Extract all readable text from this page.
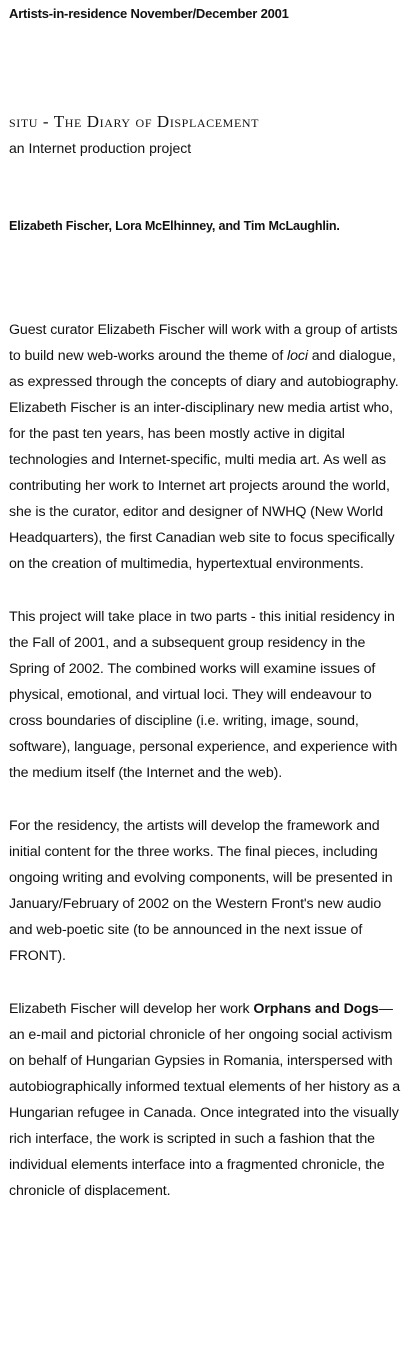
Artists-in-residence November/December 2001
situ - The Diary of Displacement
an Internet production project
Elizabeth Fischer, Lora McElhinney, and Tim McLaughlin.

Guest curator Elizabeth Fischer will work with a group of artists to build new web-works around the theme of loci and dialogue, as expressed through the concepts of diary and autobiography. Elizabeth Fischer is an inter-disciplinary new media artist who, for the past ten years, has been mostly active in digital technologies and Internet-specific, multi media art. As well as contributing her work to Internet art projects around the world, she is the curator, editor and designer of NWHQ (New World Headquarters), the first Canadian web site to focus specifically on the creation of multimedia, hypertextual environments.

This project will take place in two parts - this initial residency in the Fall of 2001, and a subsequent group residency in the Spring of 2002. The combined works will examine issues of physical, emotional, and virtual loci. They will endeavour to cross boundaries of discipline (i.e. writing, image, sound, software), language, personal experience, and experience with the medium itself (the Internet and the web).

For the residency, the artists will develop the framework and initial content for the three works. The final pieces, including ongoing writing and evolving components, will be presented in January/February of 2002 on the Western Front's new audio and web-poetic site (to be announced in the next issue of FRONT).

Elizabeth Fischer will develop her work Orphans and Dogs—an e-mail and pictorial chronicle of her ongoing social activism on behalf of Hungarian Gypsies in Romania, interspersed with autobiographically informed textual elements of her history as a Hungarian refugee in Canada. Once integrated into the visually rich interface, the work is scripted in such a fashion that the individual elements interface into a fragmented chronicle, the chronicle of displacement.
